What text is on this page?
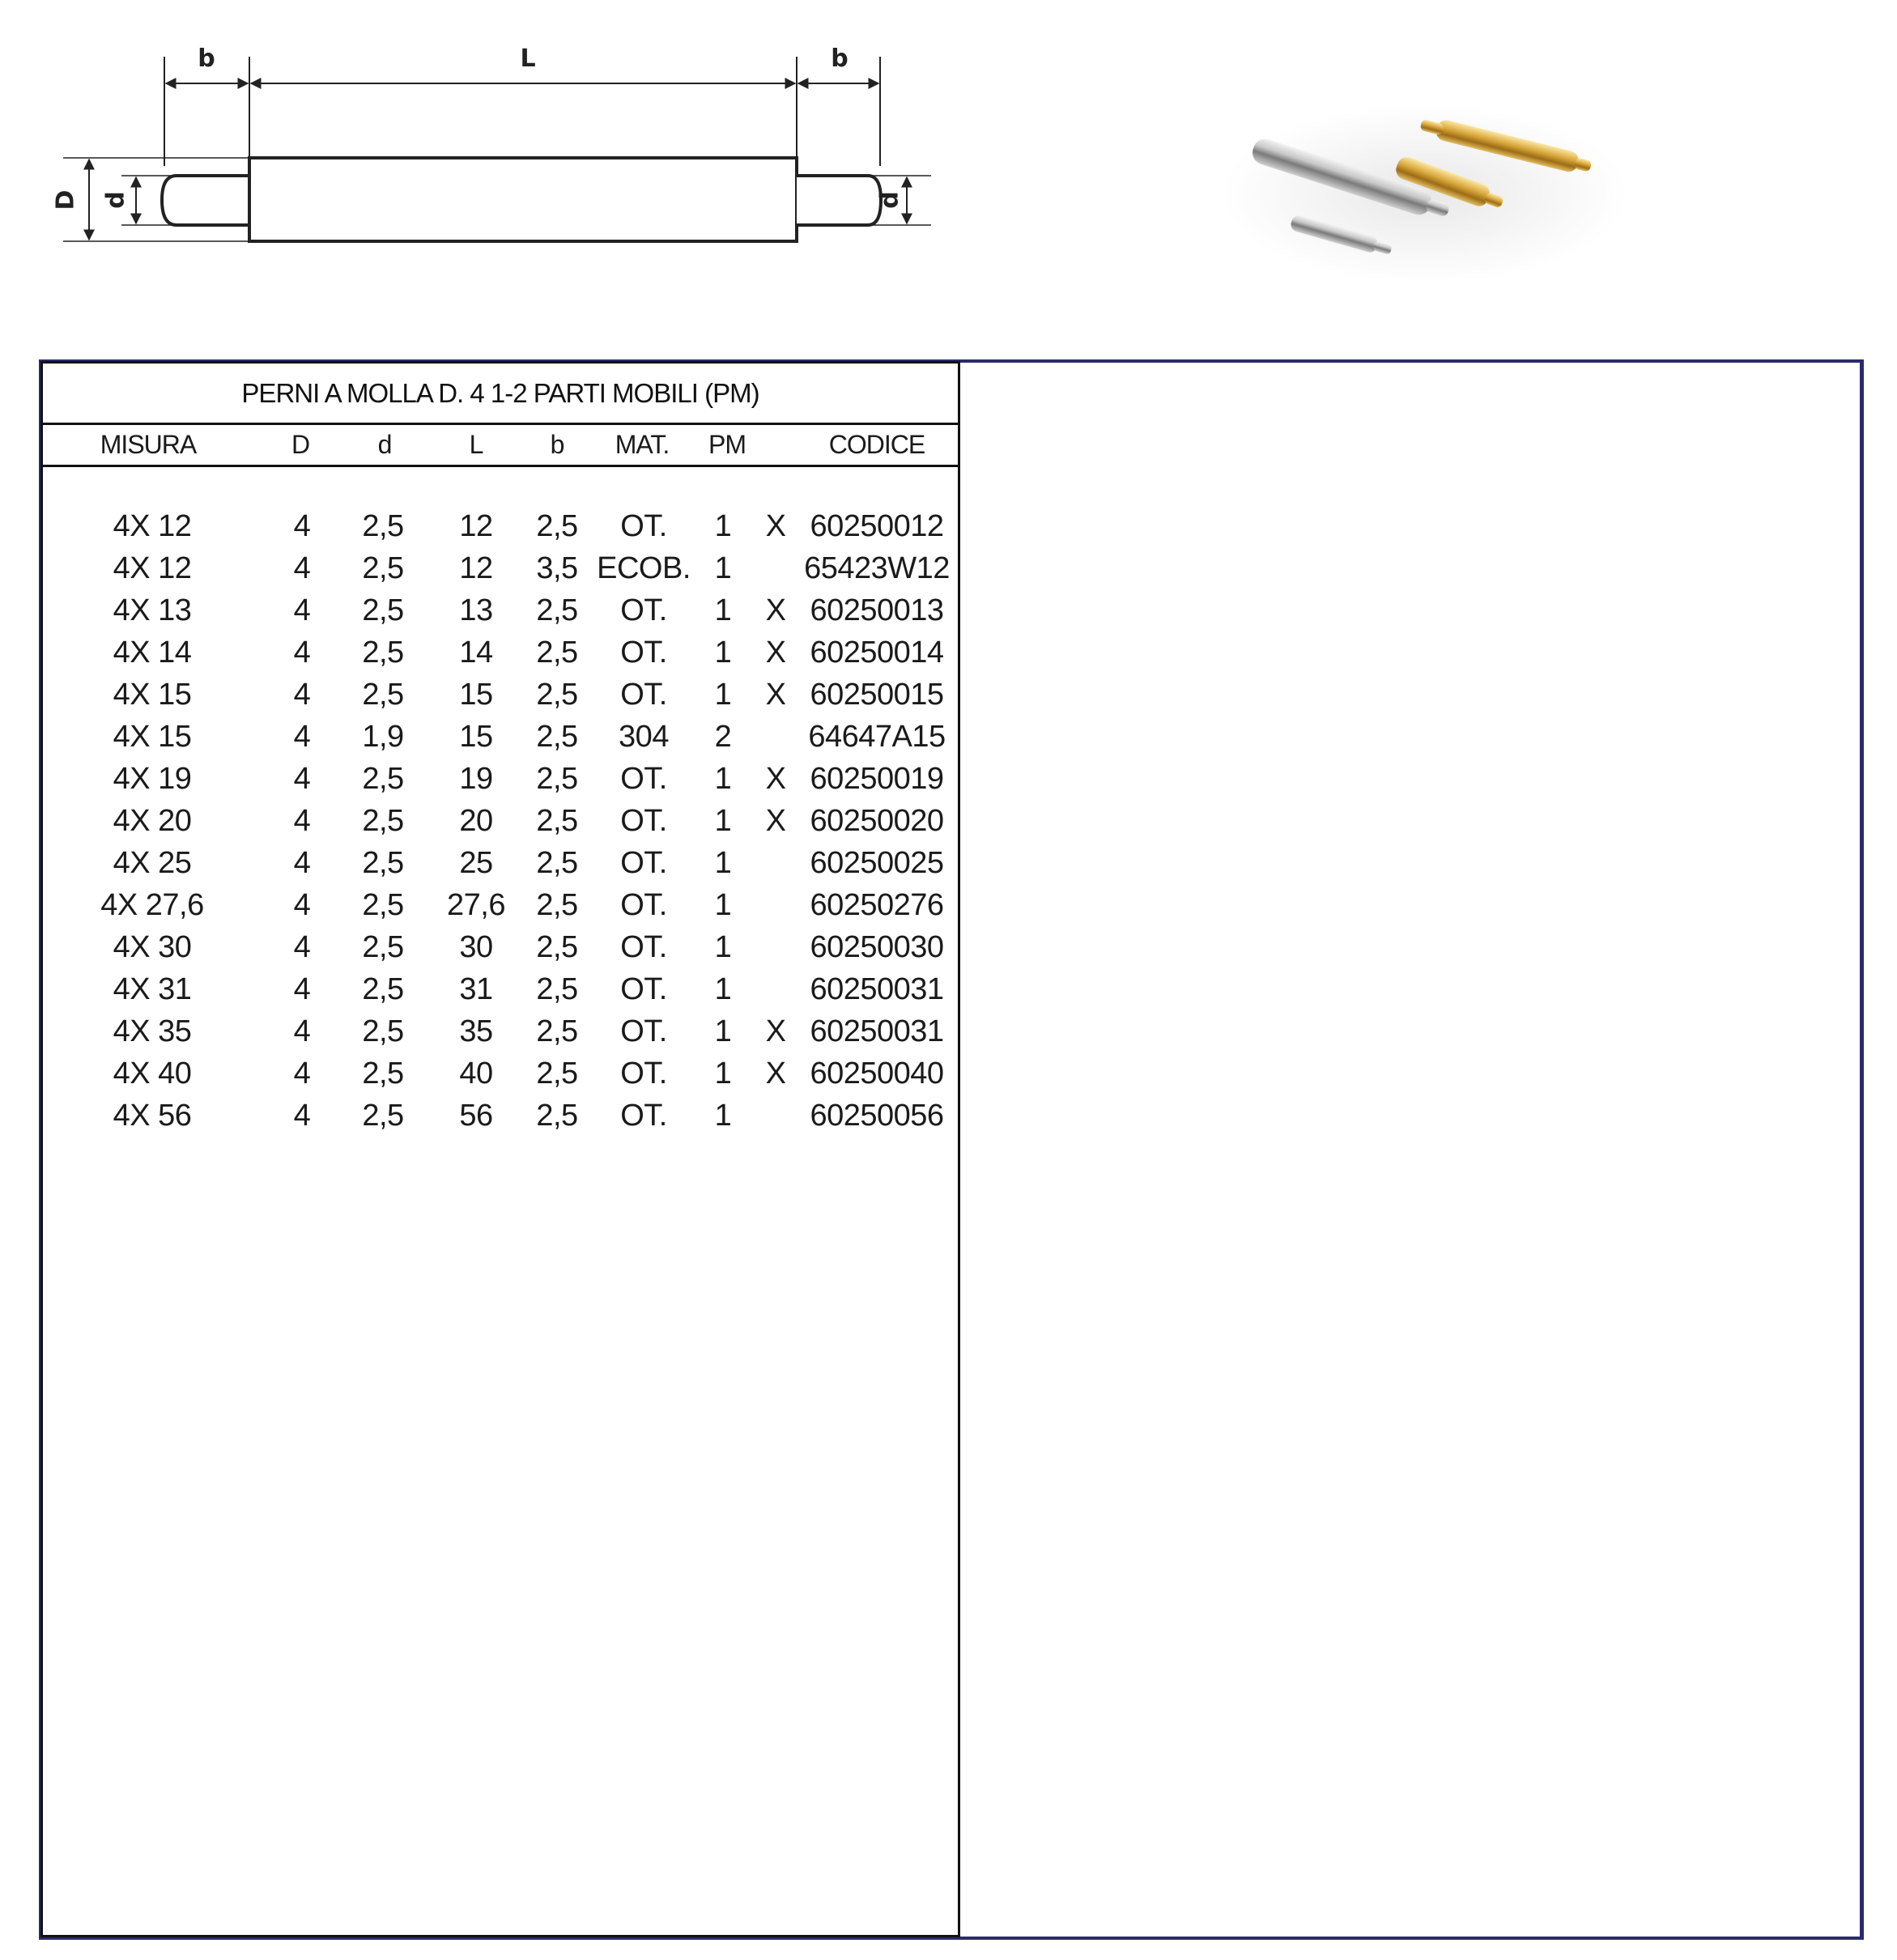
b	L	b
D d	d
PERNI A MOLLA D. 4 1-2 PARTI MOBILI (PM)
MISURA	D	d	L	b	MAT.	PM	CODICE
4X 12	4	2,5	12	2,5	OT.	1	X 60250012
4X 12	4	2,5	12	3,5 ECOB. 1	65423W12
4X 13	4	2,5	13	2,5	OT.	1	X 60250013
4X 14	4	2,5	14	2,5	OT.	1	X 60250014
4X 15	4	2,5	15	2,5	OT.	1	X 60250015
4X 15	4	1,9	15	2,5	304	2	64647A15
4X 19	4	2,5	19	2,5	OT.	1	X 60250019
4X 20	4	2,5	20	2,5	OT.	1	X 60250020
4X 25	4	2,5	25	2,5	OT.	1	60250025
4X 27,6	4	2,5	27,6	2,5	OT.	1	60250276
4X 30	4	2,5	30	2,5	OT.	1	60250030
4X 31	4	2,5	31	2,5	OT.	1	60250031
4X 35	4	2,5	35	2,5	OT.	1	X 60250031
4X 40	4	2,5	40	2,5	OT.	1	X 60250040
4X 56	4	2,5	56	2,5	OT.	1	60250056
